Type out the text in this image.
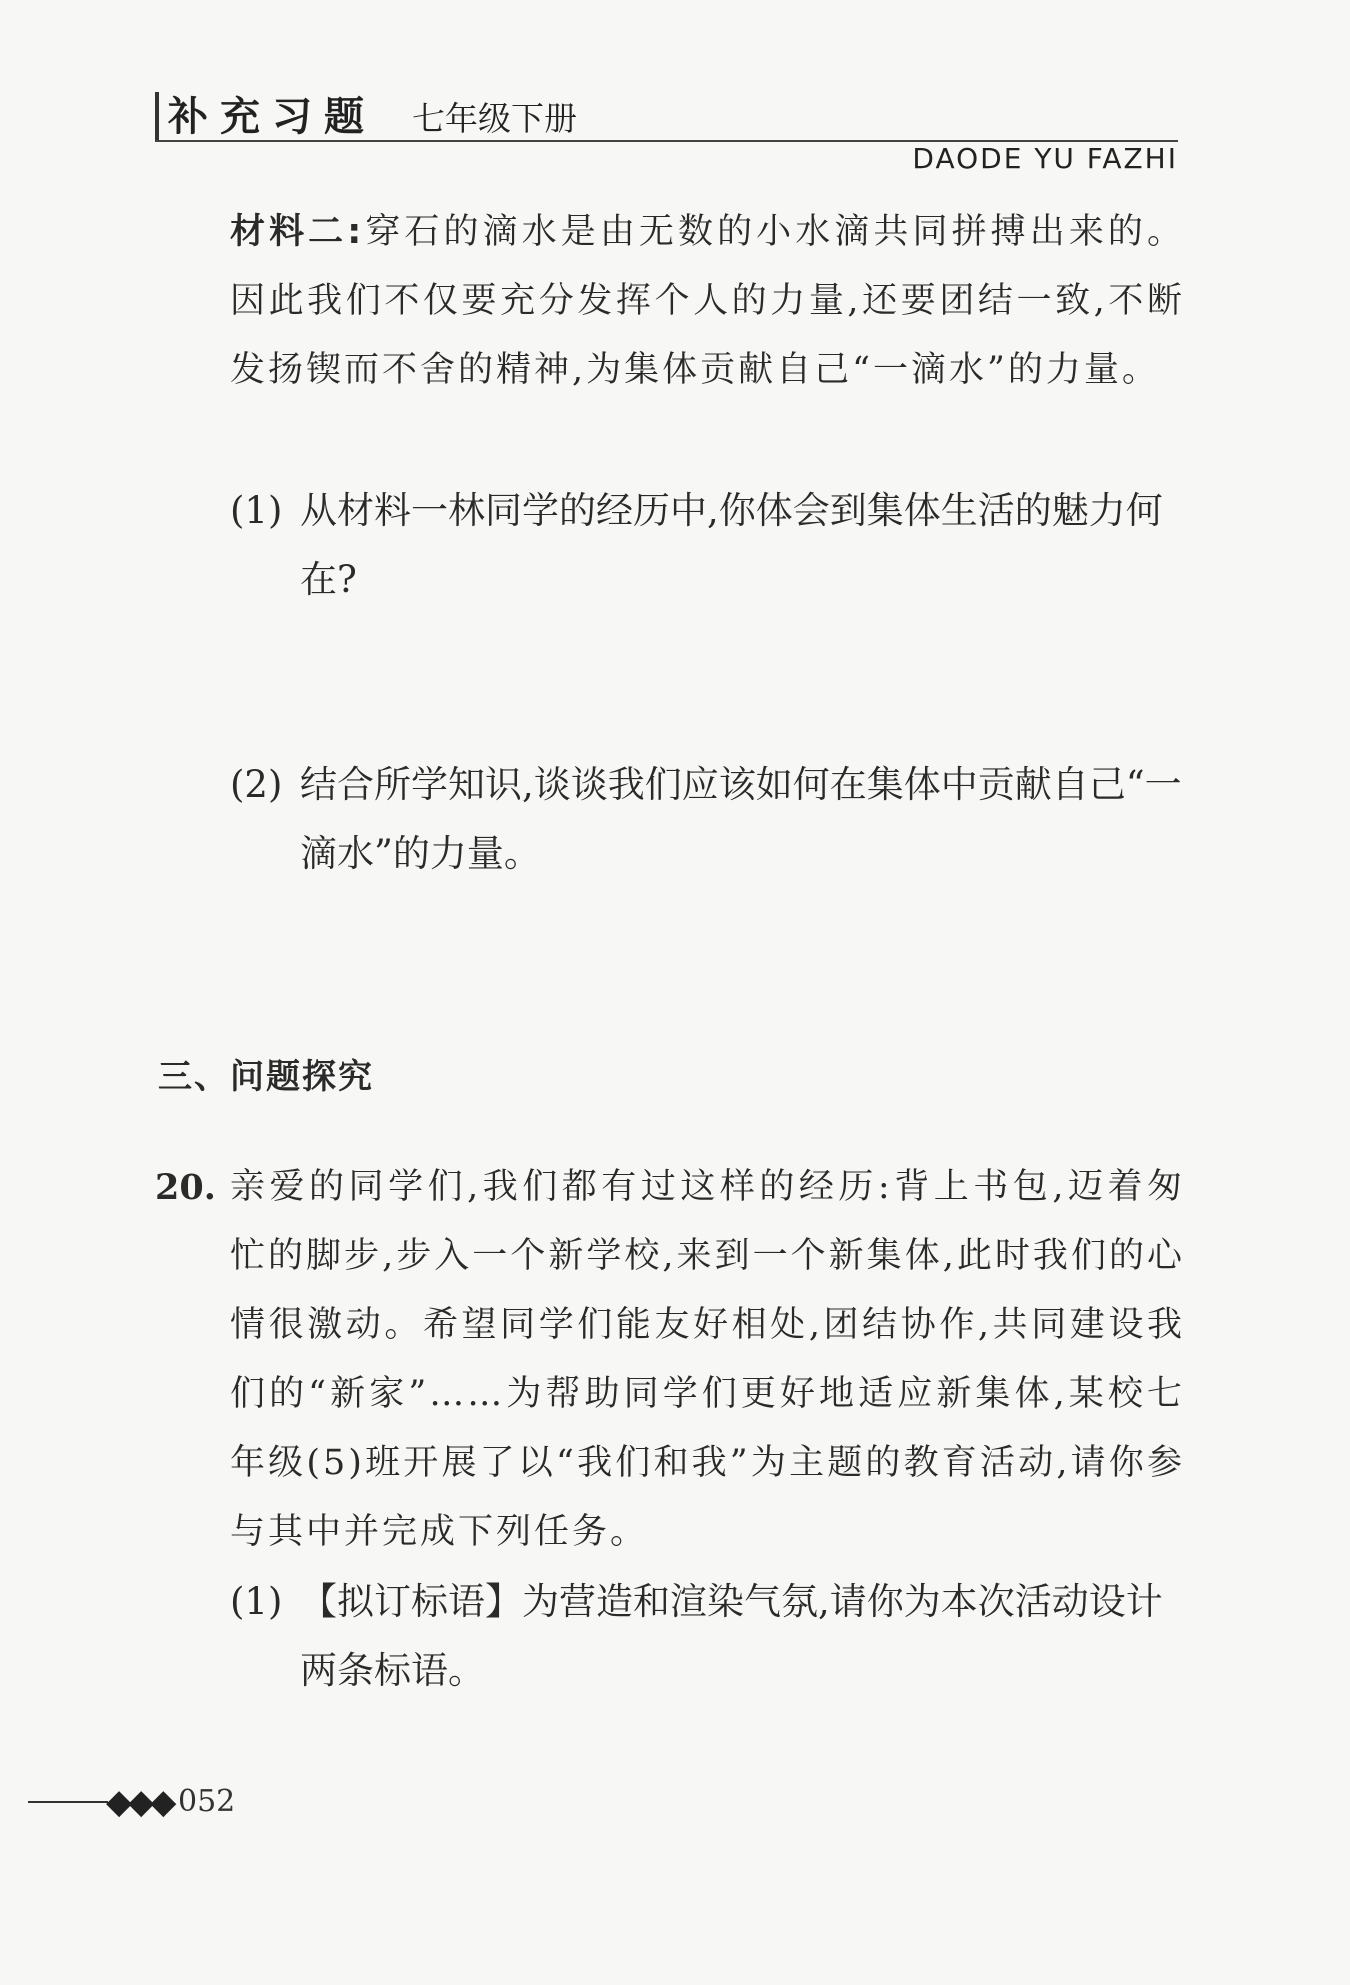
补充习题 七年级下册
DAODE YU FAZHI

材料二:穿石的滴水是由无数的小水滴共同拼搏出来的。因此我们不仅要充分发挥个人的力量,还要团结一致,不断发扬锲而不舍的精神,为集体贡献自己“一滴水”的力量。

(1) 从材料一林同学的经历中,你体会到集体生活的魅力何在?
(2) 结合所学知识,谈谈我们应该如何在集体中贡献自己“一滴水”的力量。
三、问题探究
20. 亲爱的同学们,我们都有过这样的经历:背上书包,迈着匆忙的脚步,步入一个新学校,来到一个新集体,此时我们的心情很激动。希望同学们能友好相处,团结协作,共同建设我们的“新家”……为帮助同学们更好地适应新集体,某校七年级(5)班开展了以“我们和我”为主题的教育活动,请你参与其中并完成下列任务。

(1) 【拟订标语】为营造和渲染气氛,请你为本次活动设计两条标语。
◆◆◆ 052
